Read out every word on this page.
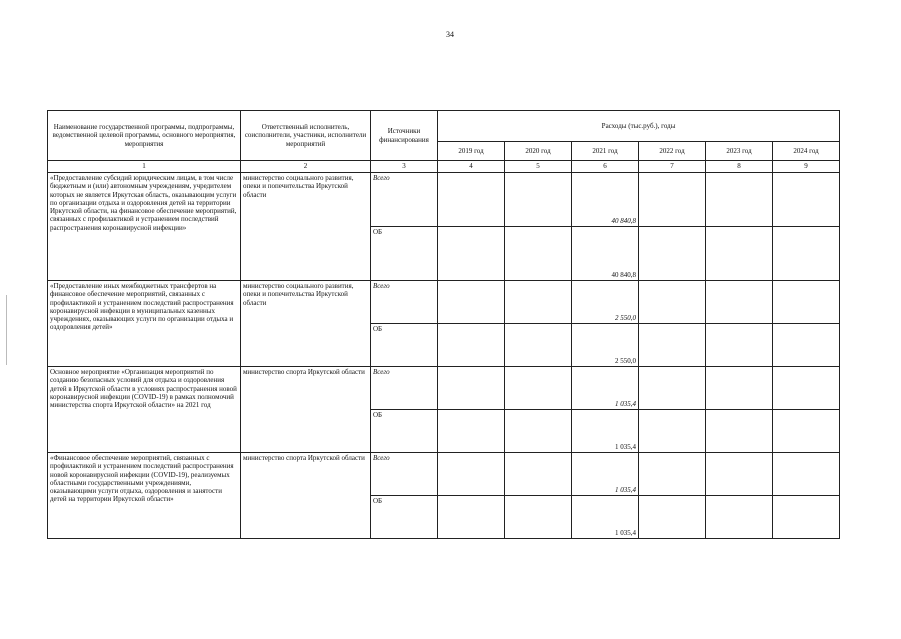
34
Наименование государственной программы, подпрограммы, ведомственной целевой программы, основного мероприятия, мероприятия	Ответственный исполнитель, соисполнители, участники, исполнители мероприятий	Источники финансирования	Расходы (тыс.руб.), годы					
			2019 год	2020 год	2021 год	2022 год	2023 год	2024 год
1	2	3	4	5	6	7	8	9
«Предоставление субсидий юридическим лицам, в том числе бюджетным и (или) автономным учреждениям, учредителем которых не является Иркутская область, оказывающим услуги по организации отдыха и оздоровления детей на территории Иркутской области, на финансовое обеспечение мероприятий, связанных с профилактикой и устранением последствий распространения коронавирусной инфекции»	министерство социального развития, опеки и попечительства Иркутской области	Всего			40 840,8			
		ОБ			40 840,8			
«Предоставление иных межбюджетных трансфертов на финансовое обеспечение мероприятий, связанных с профилактикой и устранением последствий распространения коронавирусной инфекции в муниципальных казенных учреждениях, оказывающих услуги по организации отдыха и оздоровления детей»	министерство социального развития, опеки и попечительства Иркутской области	Всего			2 550,0			
		ОБ			2 550,0			
Основное мероприятие «Организация мероприятий по созданию безопасных условий для отдыха и оздоровления детей в Иркутской области в условиях распространения новой коронавирусной инфекции (COVID-19) в рамках полномочий министерства спорта Иркутской области» на 2021 год	министерство спорта Иркутской области	Всего			1 035,4			
		ОБ			1 035,4			
«Финансовое обеспечение мероприятий, связанных с профилактикой и устранением последствий распространения новой коронавирусной инфекции (COVID-19), реализуемых областными государственными учреждениями, оказывающими услуги отдыха, оздоровления и занятости детей на территории Иркутской области»	министерство спорта Иркутской области	Всего			1 035,4			
		ОБ			1 035,4			
